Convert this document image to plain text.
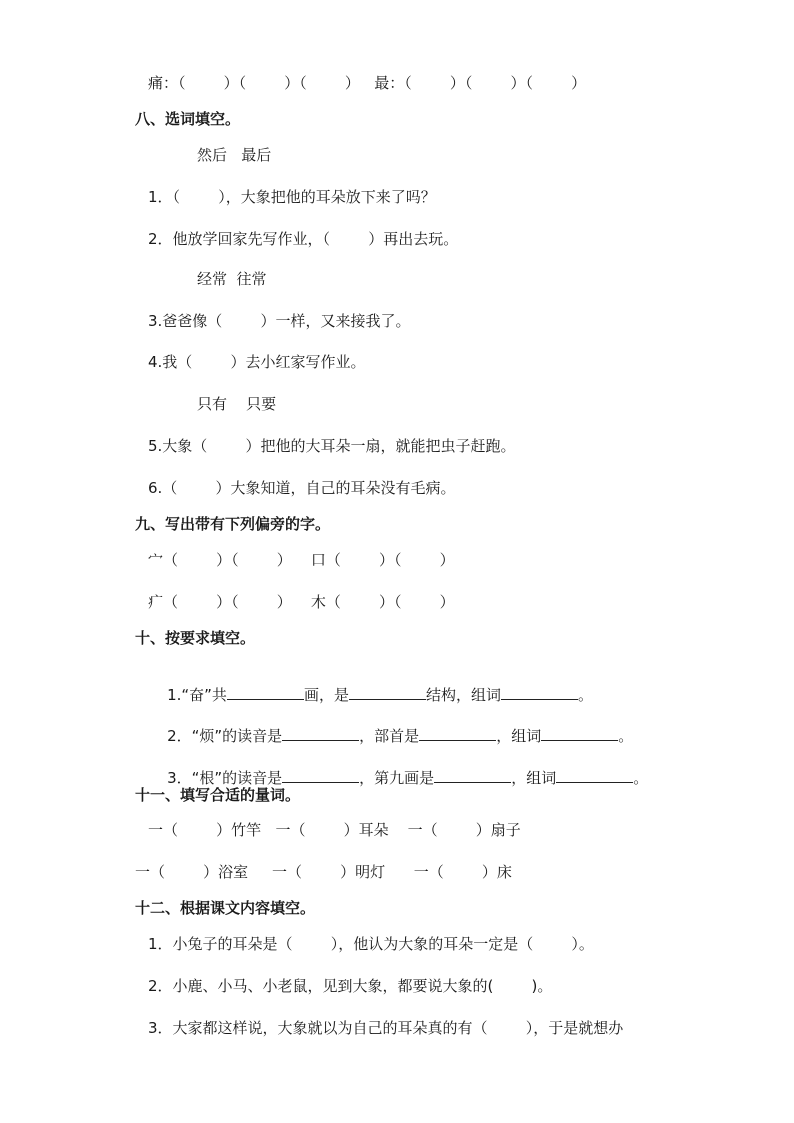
痛：（        ）（        ）（        ）   最：（        ）（        ）（        ）
八、选词填空。
然后   最后
1．（        ），大象把他的耳朵放下来了吗？
2．他放学回家先写作业，（        ）再出去玩。
经常  往常
3.爸爸像（        ）一样，又来接我了。
4.我（        ）去小红家写作业。
只有    只要
5.大象（        ）把他的大耳朵一扇，就能把虫子赶跑。
6.（        ）大象知道，自己的耳朵没有毛病。
九、写出带有下列偏旁的字。
宀（        ）（        ）    口（        ）（        ）
疒（        ）（        ）    木（        ）（        ）
十、按要求填空。

1.“奋”共	画，是	结构，组词	。

2．“烦”的读音是	，部首是	，组词	。

3．“根”的读音是	，第九画是	，组词	。

十一、填写合适的量词。
一（        ）竹竿   一（        ）耳朵    一（        ）扇子
一（        ）浴室     一（        ）明灯      一（        ）床
十二、根据课文内容填空。
1．小兔子的耳朵是（        ），他认为大象的耳朵一定是（        ）。
2．小鹿、小马、小老鼠，见到大象，都要说大象的(        )。
3．大家都这样说，大象就以为自己的耳朵真的有（        ），于是就想办
